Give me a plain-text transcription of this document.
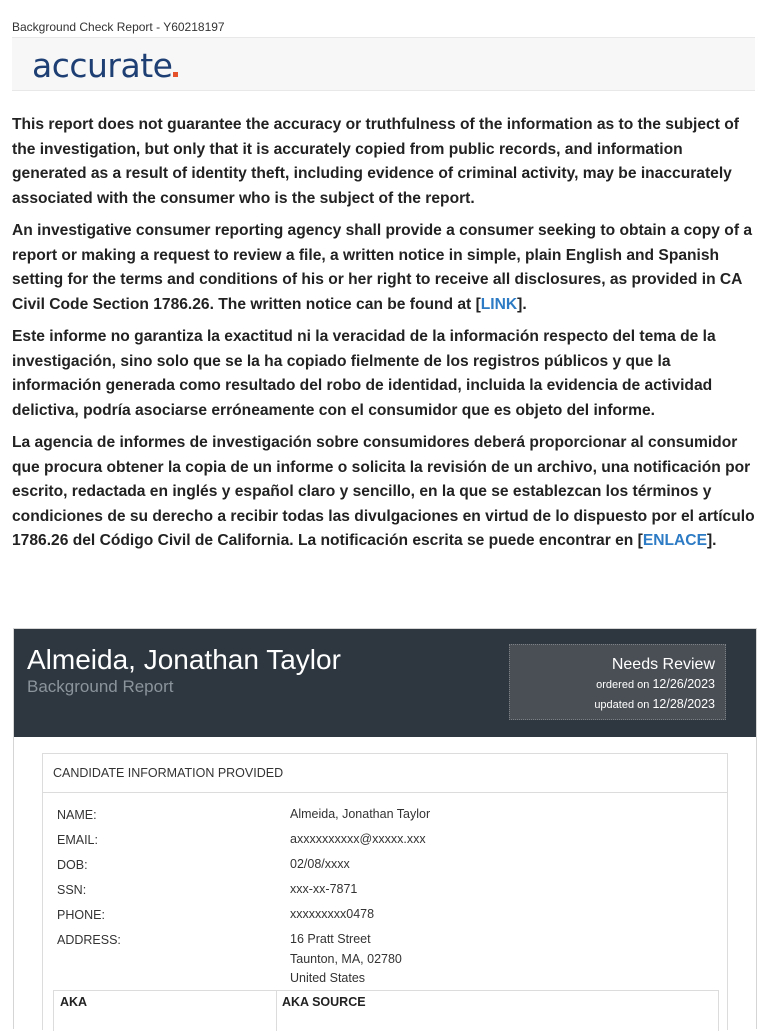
Background Check Report - Y60218197
accurate

This report does not guarantee the accuracy or truthfulness of the information as to the subject of the investigation, but only that it is accurately copied from public records, and information generated as a result of identity theft, including evidence of criminal activity, may be inaccurately associated with the consumer who is the subject of the report.

An investigative consumer reporting agency shall provide a consumer seeking to obtain a copy of a report or making a request to review a file, a written notice in simple, plain English and Spanish setting for the terms and conditions of his or her right to receive all disclosures, as provided in CA Civil Code Section 1786.26. The written notice can be found at [LINK].

Este informe no garantiza la exactitud ni la veracidad de la información respecto del tema de la investigación, sino solo que se la ha copiado fielmente de los registros públicos y que la información generada como resultado del robo de identidad, incluida la evidencia de actividad delictiva, podría asociarse erróneamente con el consumidor que es objeto del informe.

La agencia de informes de investigación sobre consumidores deberá proporcionar al consumidor que procura obtener la copia de un informe o solicita la revisión de un archivo, una notificación por escrito, redactada en inglés y español claro y sencillo, en la que se establezcan los términos y condiciones de su derecho a recibir todas las divulgaciones en virtud de lo dispuesto por el artículo 1786.26 del Código Civil de California. La notificación escrita se puede encontrar en [ENLACE].

Almeida, Jonathan Taylor
Background Report
Needs Review
ordered on 12/26/2023
updated on 12/28/2023
CANDIDATE INFORMATION PROVIDED
NAME:	Almeida, Jonathan Taylor
EMAIL:	axxxxxxxxxx@xxxxx.xxx
DOB:	02/08/xxxx
SSN:	xxx-xx-7871
PHONE:	xxxxxxxxx0478
ADDRESS:	16 Pratt Street
Taunton, MA, 02780
United States
AKA	AKA SOURCE
